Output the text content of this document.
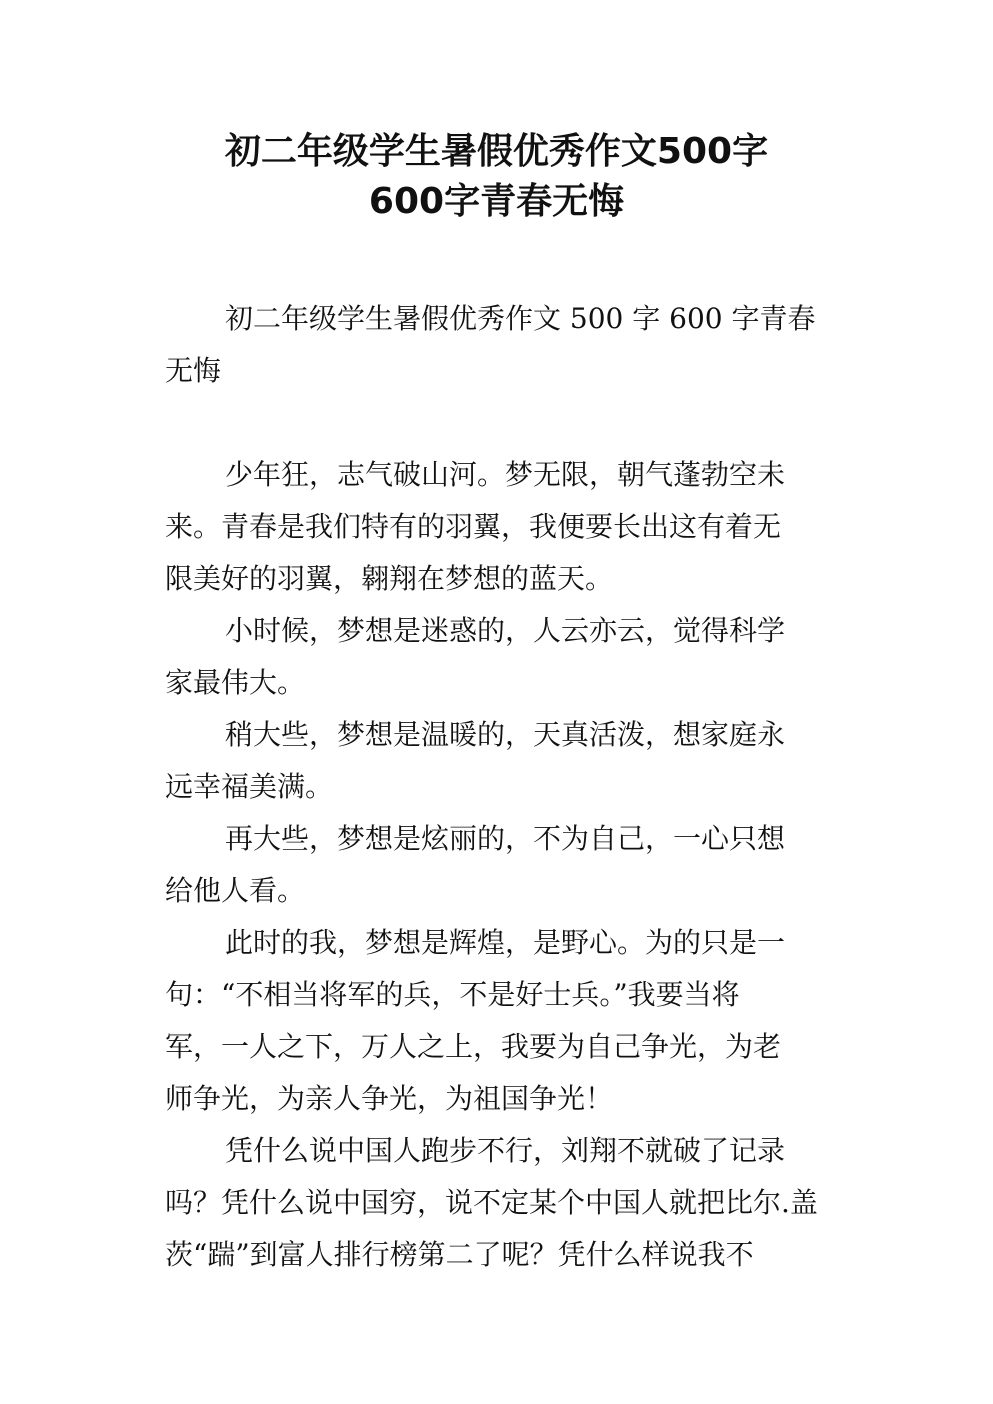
初二年级学生暑假优秀作文500字
600字青春无悔
初二年级学生暑假优秀作文 500 字 600 字青春
无悔
少年狂，志气破山河。梦无限，朝气蓬勃空未
来。青春是我们特有的羽翼，我便要长出这有着无
限美好的羽翼，翱翔在梦想的蓝天。
小时候，梦想是迷惑的，人云亦云，觉得科学
家最伟大。
稍大些，梦想是温暖的，天真活泼，想家庭永
远幸福美满。
再大些，梦想是炫丽的，不为自己，一心只想
给他人看。
此时的我，梦想是辉煌，是野心。为的只是一
句：“不相当将军的兵，不是好士兵。”我要当将
军，一人之下，万人之上，我要为自己争光，为老
师争光，为亲人争光，为祖国争光！
凭什么说中国人跑步不行，刘翔不就破了记录
吗？凭什么说中国穷，说不定某个中国人就把比尔.盖
茨“踹”到富人排行榜第二了呢？凭什么样说我不
